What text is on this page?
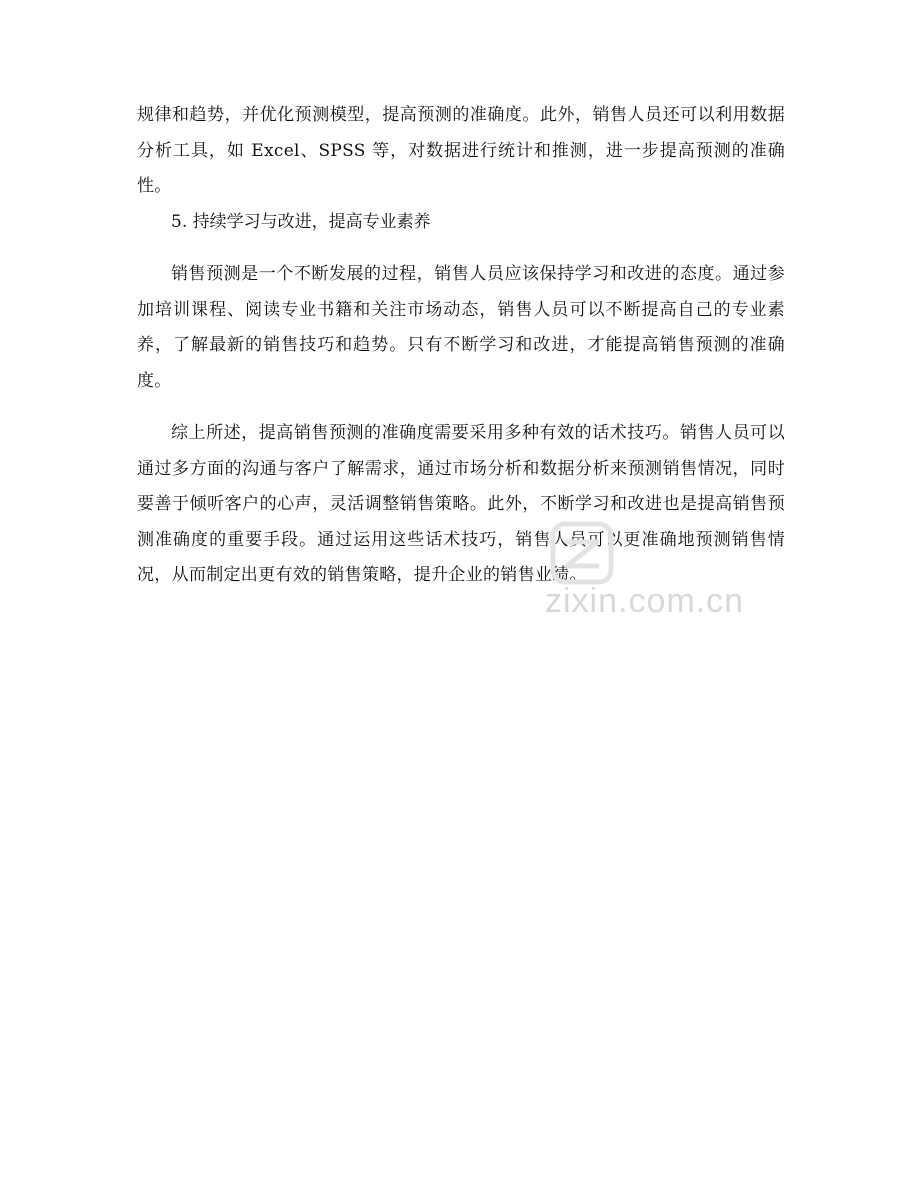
规律和趋势，并优化预测模型，提高预测的准确度。此外，销售人员还可以利用数据分析工具，如 Excel、SPSS 等，对数据进行统计和推测，进一步提高预测的准确性。

5. 持续学习与改进，提高专业素养

销售预测是一个不断发展的过程，销售人员应该保持学习和改进的态度。通过参加培训课程、阅读专业书籍和关注市场动态，销售人员可以不断提高自己的专业素养，了解最新的销售技巧和趋势。只有不断学习和改进，才能提高销售预测的准确度。

综上所述，提高销售预测的准确度需要采用多种有效的话术技巧。销售人员可以通过多方面的沟通与客户了解需求，通过市场分析和数据分析来预测销售情况，同时要善于倾听客户的心声，灵活调整销售策略。此外，不断学习和改进也是提高销售预测准确度的重要手段。通过运用这些话术技巧，销售人员可以更准确地预测销售情况，从而制定出更有效的销售策略，提升企业的销售业绩。

zixin.com.cn
